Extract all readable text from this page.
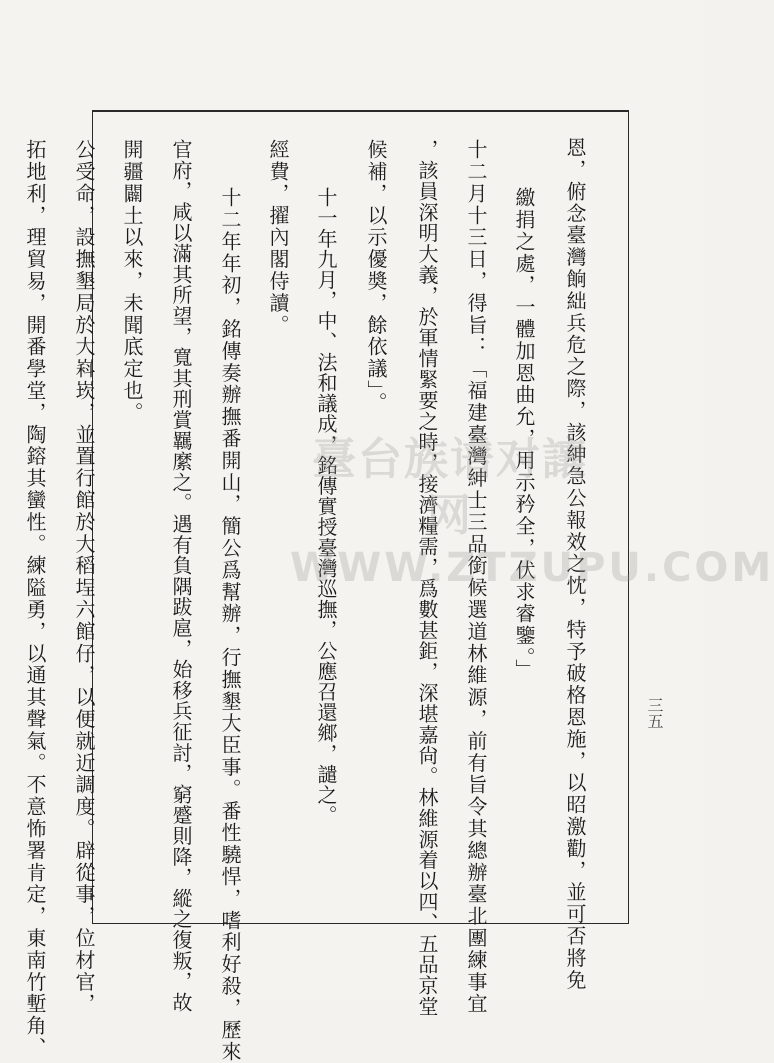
恩，俯念臺灣餉絀兵危之際，該紳急公報效之忱，特予破格恩施，以昭激勸，並可否將免
繳捐之處，一體加恩曲允，用示矜全，伏求睿鑒。」
十二月十三日，得旨：「福建臺灣紳士三品銜候選道林維源，前有旨令其總辦臺北團練事宜
，該員深明大義，於軍情緊要之時，接濟糧需，爲數甚鉅，深堪嘉尙。林維源着以四、五品京堂
候補，以示優奬，餘依議」。
十一年九月，中、法和議成，銘傳實授臺灣巡撫，公應召還鄉，譴之。
經費，擢內閣侍讀。
十二年年初，銘傳奏辦撫番開山，簡公爲幫辦，行撫墾大臣事。番性驍悍，嗜利好殺，歷來
官府，咸以滿其所望，寬其刑賞羈縻之。遇有負隅跋扈，始移兵征討，窮蹙則降，縱之復叛，故
開疆闢土以來，未聞底定也。
公受命，設撫墾局於大嵙崁，並置行館於大稻埕六館仔，以便就近調度。辟從事，位材官，
拓地利，理貿易，開番學堂，陶鎔其蠻性。練隘勇，以通其聲氣。不意怖署肯定，東南竹塹角、	三五
臺台族谱对讓网
WWW.ZTZUPU.COM
